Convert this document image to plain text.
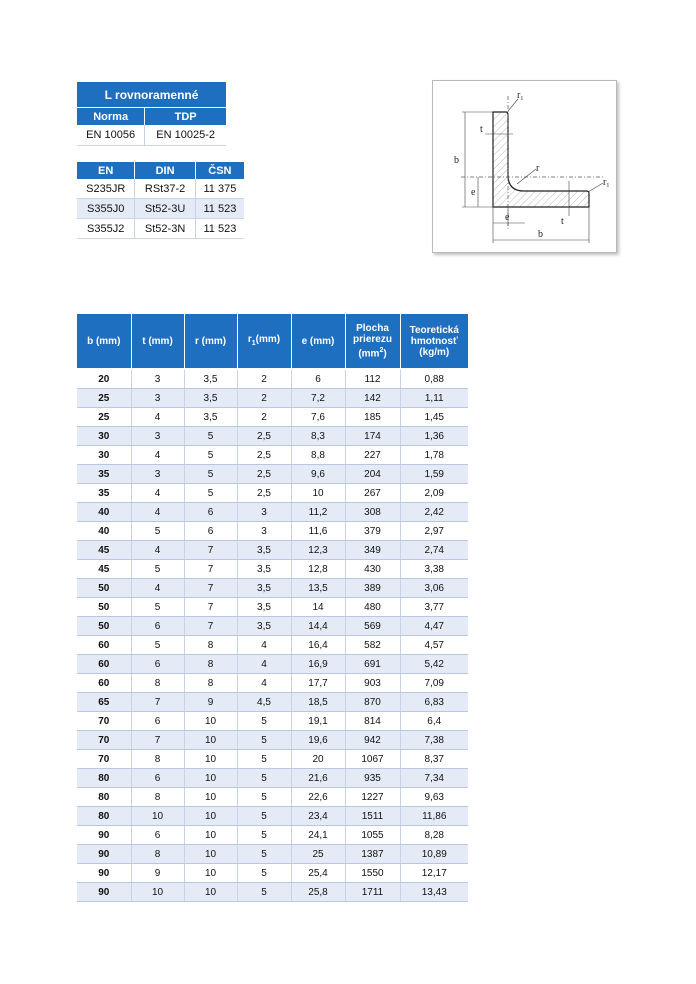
L rovnoramenné	
Norma	TDP
EN 10056	EN 10025-2
EN	DIN	ČSN
S235JR	RSt37-2	11 375
S355J0	St52-3U	11 523
S355J2	St52-3N	11 523
$r_1$
t
b
r
e
$r_1$
e	t
b
b (mm)	t (mm)	r (mm)	$r_1(mm)$	e (mm)	Plocha
prierezu
$(mm^2)$	Teoretická
hmotnosť
(kg/m)
20	3	3,5	2	6	112	0,88
25	3	3,5	2	7,2	142	1,11
25	4	3,5	2	7,6	185	1,45
30	3	5	2,5	8,3	174	1,36
30	4	5	2,5	8,8	227	1,78
35	3	5	2,5	9,6	204	1,59
35	4	5	2,5	10	267	2,09
40	4	6	3	11,2	308	2,42
40	5	6	3	11,6	379	2,97
45	4	7	3,5	12,3	349	2,74
45	5	7	3,5	12,8	430	3,38
50	4	7	3,5	13,5	389	3,06
50	5	7	3,5	14	480	3,77
50	6	7	3,5	14,4	569	4,47
60	5	8	4	16,4	582	4,57
60	6	8	4	16,9	691	5,42
60	8	8	4	17,7	903	7,09
65	7	9	4,5	18,5	870	6,83
70	6	10	5	19,1	814	6,4
70	7	10	5	19,6	942	7,38
70	8	10	5	20	1067	8,37
80	6	10	5	21,6	935	7,34
80	8	10	5	22,6	1227	9,63
80	10	10	5	23,4	1511	11,86
90	6	10	5	24,1	1055	8,28
90	8	10	5	25	1387	10,89
90	9	10	5	25,4	1550	12,17
90	10	10	5	25,8	1711	13,43
